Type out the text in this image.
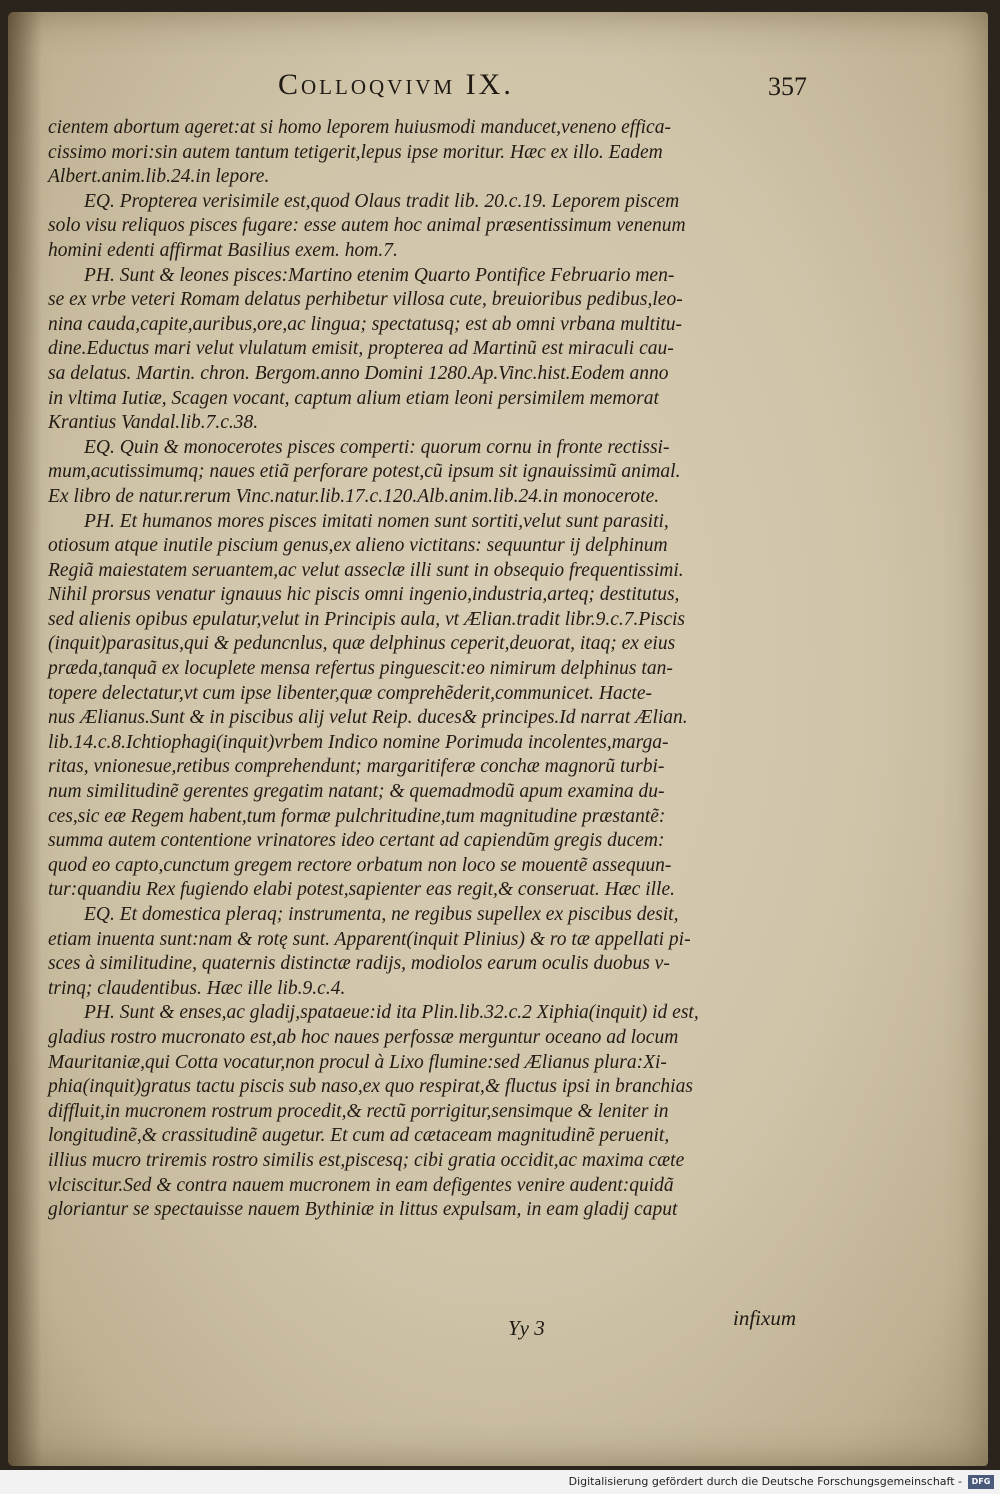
Colloqvivm IX.	357
cientem abortum ageret:at si homo leporem huiusmodi manducet,veneno effica-
cissimo mori:sin autem tantum tetigerit,lepus ipse moritur. Hæc ex illo. Eadem
Albert.anim.lib.24.in lepore.
EQ. Propterea verisimile est,quod Olaus tradit lib. 20.c.19. Leporem piscem
solo visu reliquos pisces fugare: esse autem hoc animal præsentissimum venenum
homini edenti affirmat Basilius exem. hom.7.
PH. Sunt & leones pisces:Martino etenim Quarto Pontifice Februario men-
se ex vrbe veteri Romam delatus perhibetur villosa cute, breuioribus pedibus,leo-
nina cauda,capite,auribus,ore,ac lingua; spectatusq; est ab omni vrbana multitu-
dine.Eductus mari velut vlulatum emisit, propterea ad Martinũ est miraculi cau-
sa delatus. Martin. chron. Bergom.anno Domini 1280.Ap.Vinc.hist.Eodem anno
in vltima Iutiæ, Scagen vocant, captum alium etiam leoni persimilem memorat
Krantius Vandal.lib.7.c.38.
EQ. Quin & monocerotes pisces comperti: quorum cornu in fronte rectissi-
mum,acutissimumq; naues etiã perforare potest,cũ ipsum sit ignauissimũ animal.
Ex libro de natur.rerum Vinc.natur.lib.17.c.120.Alb.anim.lib.24.in monocerote.
PH. Et humanos mores pisces imitati nomen sunt sortiti,velut sunt parasiti,
otiosum atque inutile piscium genus,ex alieno victitans: sequuntur ij delphinum
Regiã maiestatem seruantem,ac velut asseclæ illi sunt in obsequio frequentissimi.
Nihil prorsus venatur ignauus hic piscis omni ingenio,industria,arteq; destitutus,
sed alienis opibus epulatur,velut in Principis aula, vt Ælian.tradit libr.9.c.7.Piscis
(inquit)parasitus,qui & peduncnlus, quæ delphinus ceperit,deuorat, itaq; ex eius
præda,tanquã ex locuplete mensa refertus pinguescit:eo nimirum delphinus tan-
topere delectatur,vt cum ipse libenter,quæ comprehẽderit,communicet. Hacte-
nus Ælianus.Sunt & in piscibus alij velut Reip. duces& principes.Id narrat Ælian.
lib.14.c.8.Ichtiophagi(inquit)vrbem Indico nomine Porimuda incolentes,marga-
ritas, vnionesue,retibus comprehendunt; margaritiferæ conchæ magnorũ turbi-
num similitudinẽ gerentes gregatim natant; & quemadmodũ apum examina du-
ces,sic eæ Regem habent,tum formæ pulchritudine,tum magnitudine præstantẽ:
summa autem contentione vrinatores ideo certant ad capiendũm gregis ducem:
quod eo capto,cunctum gregem rectore orbatum non loco se mouentẽ assequun-
tur:quandiu Rex fugiendo elabi potest,sapienter eas regit,& conseruat. Hæc ille.
EQ. Et domestica pleraq; instrumenta, ne regibus supellex ex piscibus desit,
etiam inuenta sunt:nam & rotę sunt. Apparent(inquit Plinius) & ro tæ appellati pi-
sces à similitudine, quaternis distinctæ radijs, modiolos earum oculis duobus v-
trinq; claudentibus. Hæc ille lib.9.c.4.
PH. Sunt & enses,ac gladij,spataeue:id ita Plin.lib.32.c.2 Xiphia(inquit) id est,
gladius rostro mucronato est,ab hoc naues perfossæ merguntur oceano ad locum
Mauritaniæ,qui Cotta vocatur,non procul à Lixo flumine:sed Ælianus plura:Xi-
phia(inquit)gratus tactu piscis sub naso,ex quo respirat,& fluctus ipsi in branchias
diffluit,in mucronem rostrum procedit,& rectũ porrigitur,sensimque & leniter in
longitudinẽ,& crassitudinẽ augetur. Et cum ad cætaceam magnitudinẽ peruenit,
illius mucro triremis rostro similis est,piscesq; cibi gratia occidit,ac maxima cæte
vlciscitur.Sed & contra nauem mucronem in eam defigentes venire audent:quidã
gloriantur se spectauisse nauem Bythiniæ in littus expulsam, in eam gladij caput
Yy 3	infixum
Digitalisierung gefördert durch die Deutsche Forschungsgemeinschaft -	DFG
